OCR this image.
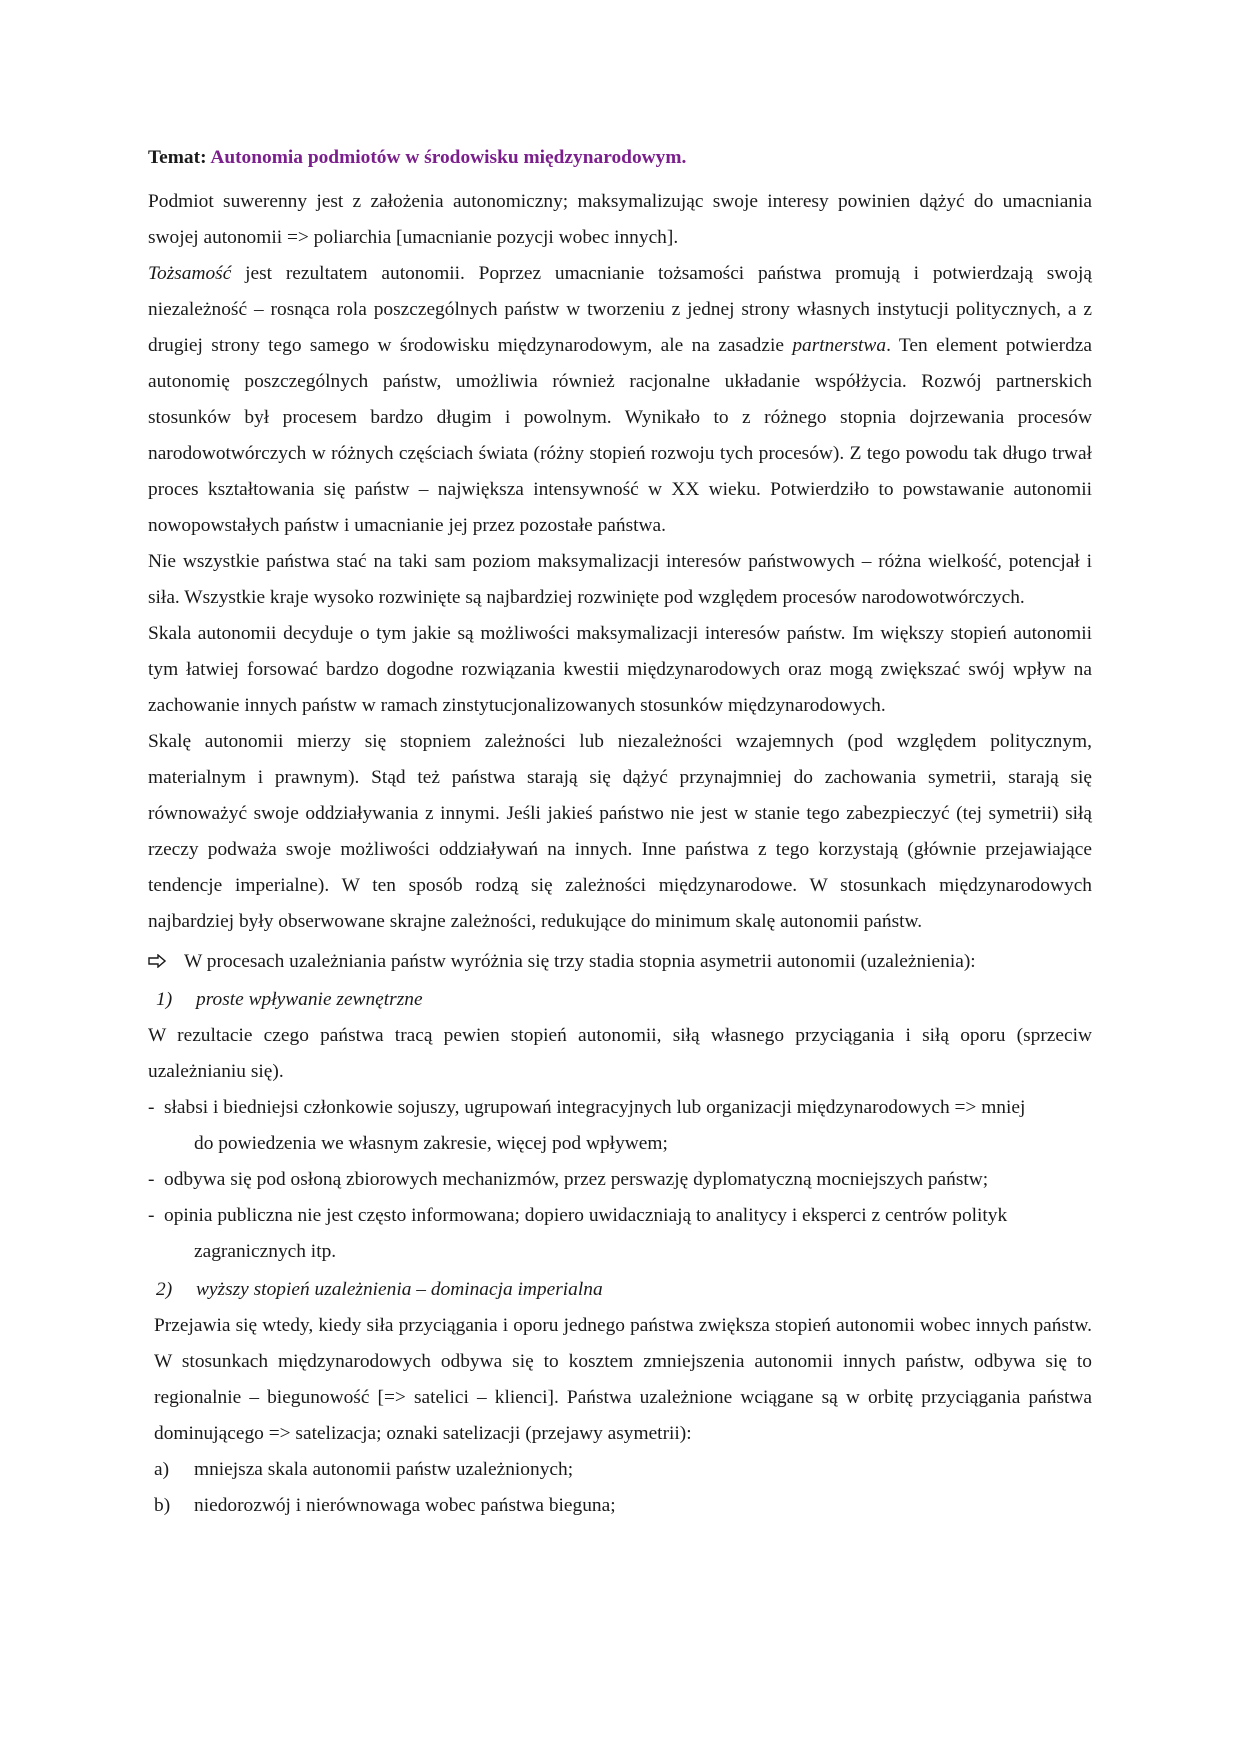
Temat: Autonomia podmiotów w środowisku międzynarodowym.

Podmiot suwerenny jest z założenia autonomiczny; maksymalizując swoje interesy powinien dążyć do umacniania swojej autonomii => poliarchia [umacnianie pozycji wobec innych].

Tożsamość jest rezultatem autonomii. Poprzez umacnianie tożsamości państwa promują i potwierdzają swoją niezależność – rosnąca rola poszczególnych państw w tworzeniu z jednej strony własnych instytucji politycznych, a z drugiej strony tego samego w środowisku międzynarodowym, ale na zasadzie partnerstwa. Ten element potwierdza autonomię poszczególnych państw, umożliwia również racjonalne układanie współżycia. Rozwój partnerskich stosunków był procesem bardzo długim i powolnym. Wynikało to z różnego stopnia dojrzewania procesów narodowotwórczych w różnych częściach świata (różny stopień rozwoju tych procesów). Z tego powodu tak długo trwał proces kształtowania się państw – największa intensywność w XX wieku. Potwierdziło to powstawanie autonomii nowopowstałych państw i umacnianie jej przez pozostałe państwa.

Nie wszystkie państwa stać na taki sam poziom maksymalizacji interesów państwowych – różna wielkość, potencjał i siła. Wszystkie kraje wysoko rozwinięte są najbardziej rozwinięte pod względem procesów narodowotwórczych.

Skala autonomii decyduje o tym jakie są możliwości maksymalizacji interesów państw. Im większy stopień autonomii tym łatwiej forsować bardzo dogodne rozwiązania kwestii międzynarodowych oraz mogą zwiększać swój wpływ na zachowanie innych państw w ramach zinstytucjonalizowanych stosunków międzynarodowych.

Skalę autonomii mierzy się stopniem zależności lub niezależności wzajemnych (pod względem politycznym, materialnym i prawnym). Stąd też państwa starają się dążyć przynajmniej do zachowania symetrii, starają się równoważyć swoje oddziaływania z innymi. Jeśli jakieś państwo nie jest w stanie tego zabezpieczyć (tej symetrii) siłą rzeczy podważa swoje możliwości oddziaływań na innych. Inne państwa z tego korzystają (głównie przejawiające tendencje imperialne). W ten sposób rodzą się zależności międzynarodowe. W stosunkach międzynarodowych najbardziej były obserwowane skrajne zależności, redukujące do minimum skalę autonomii państw.

W procesach uzależniania państw wyróżnia się trzy stadia stopnia asymetrii autonomii (uzależnienia):
1)	proste wpływanie zewnętrzne

W rezultacie czego państwa tracą pewien stopień autonomii, siłą własnego przyciągania i siłą oporu (sprzeciw uzależnianiu się).

- słabsi i biedniejsi członkowie sojuszy, ugrupowań integracyjnych lub organizacji międzynarodowych => mniej
do powiedzenia we własnym zakresie, więcej pod wpływem;
- odbywa się pod osłoną zbiorowych mechanizmów, przez perswazję dyplomatyczną mocniejszych państw;
- opinia publiczna nie jest często informowana; dopiero uwidaczniają to analitycy i eksperci z centrów polityk
zagranicznych itp.
2)	wyższy stopień uzależnienia – dominacja imperialna

Przejawia się wtedy, kiedy siła przyciągania i oporu jednego państwa zwiększa stopień autonomii wobec innych państw. W stosunkach międzynarodowych odbywa się to kosztem zmniejszenia autonomii innych państw, odbywa się to regionalnie – biegunowość [=> satelici – klienci]. Państwa uzależnione wciągane są w orbitę przyciągania państwa dominującego => satelizacja; oznaki satelizacji (przejawy asymetrii):

a)	mniejsza skala autonomii państw uzależnionych;
b)	niedorozwój i nierównowaga wobec państwa bieguna;
